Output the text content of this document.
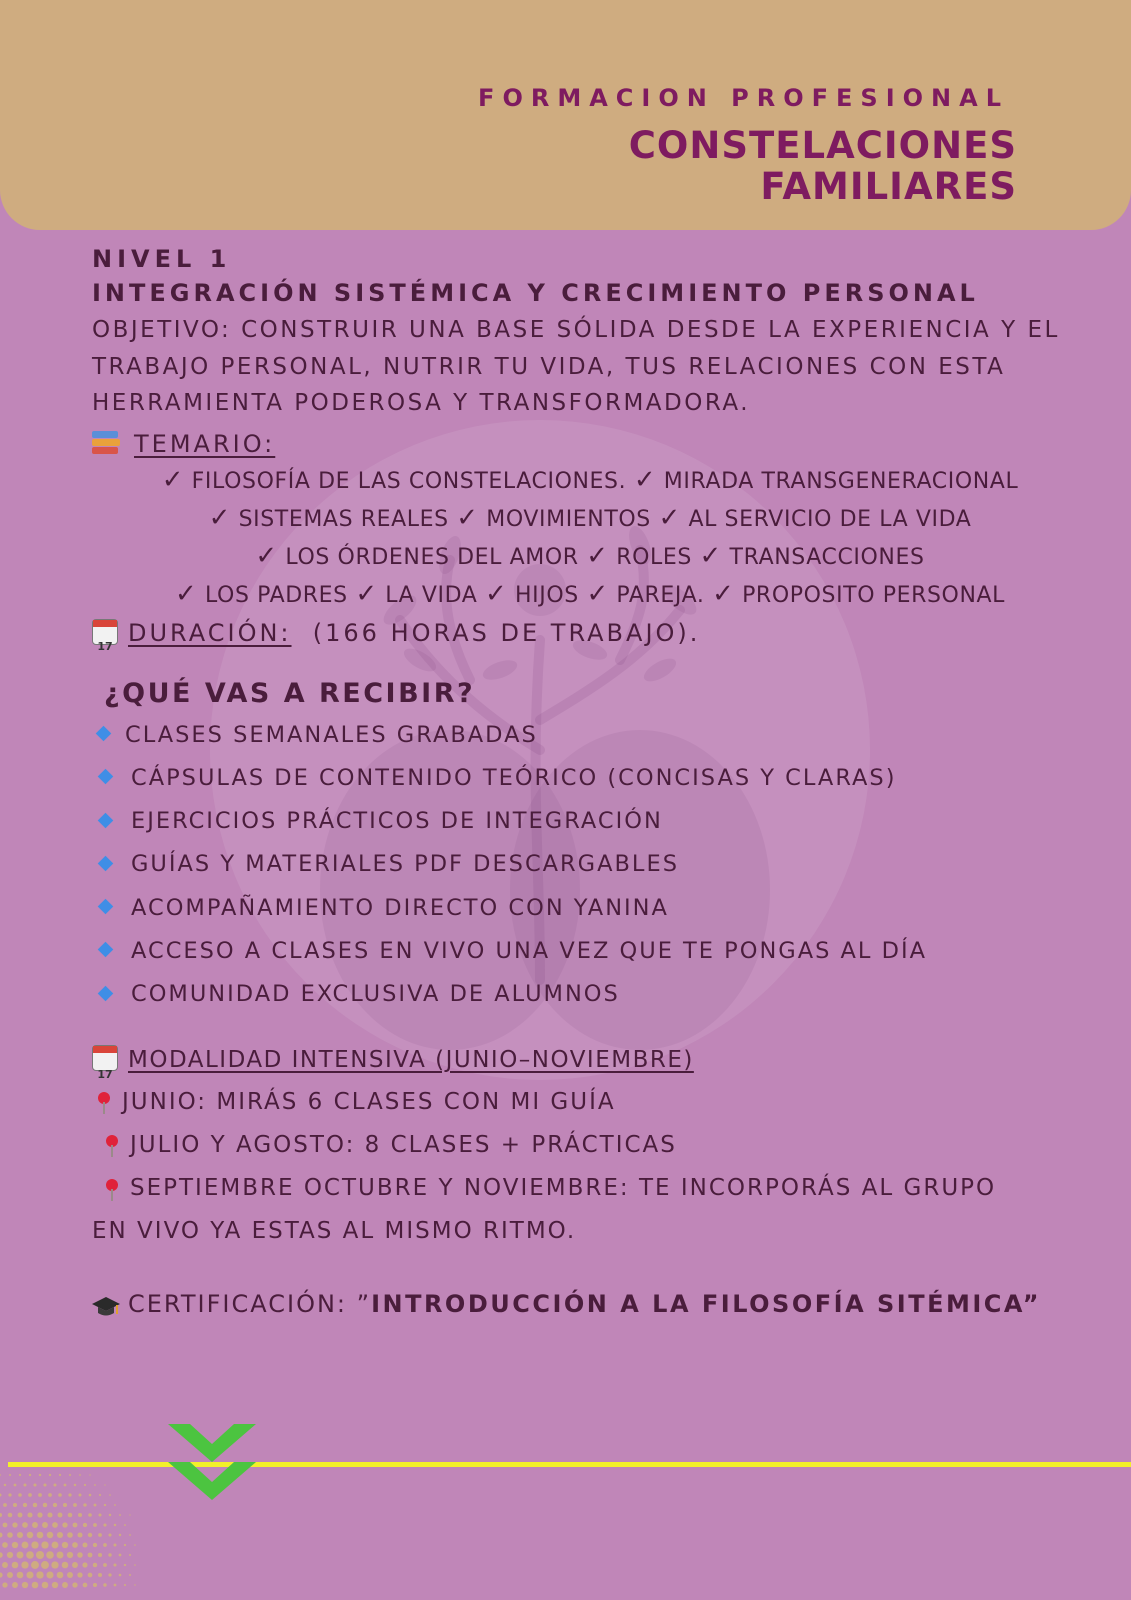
FORMACION PROFESIONAL
CONSTELACIONES
FAMILIARES
NIVEL 1
INTEGRACIÓN SISTÉMICA Y CRECIMIENTO PERSONAL
OBJETIVO: CONSTRUIR UNA BASE SÓLIDA DESDE LA EXPERIENCIA Y EL TRABAJO PERSONAL, NUTRIR TU VIDA, TUS RELACIONES CON ESTA HERRAMIENTA PODEROSA Y TRANSFORMADORA.
TEMARIO:
✓ FILOSOFÍA DE LAS CONSTELACIONES. ✓ MIRADA TRANSGENERACIONAL
✓ SISTEMAS REALES ✓ MOVIMIENTOS ✓ AL SERVICIO DE LA VIDA
✓ LOS ÓRDENES DEL AMOR ✓ ROLES ✓ TRANSACCIONES
✓ LOS PADRES ✓ LA VIDA ✓ HIJOS ✓ PAREJA. ✓ PROPOSITO PERSONAL
17 DURACIÓN: (166 HORAS DE TRABAJO).
¿QUÉ VAS A RECIBIR?
CLASES SEMANALES GRABADAS
CÁPSULAS DE CONTENIDO TEÓRICO (CONCISAS Y CLARAS)
EJERCICIOS PRÁCTICOS DE INTEGRACIÓN
GUÍAS Y MATERIALES PDF DESCARGABLES
ACOMPAÑAMIENTO DIRECTO CON YANINA
ACCESO A CLASES EN VIVO UNA VEZ QUE TE PONGAS AL DÍA
COMUNIDAD EXCLUSIVA DE ALUMNOS
17
MODALIDAD INTENSIVA (JUNIO–NOVIEMBRE)
JUNIO: MIRÁS 6 CLASES CON MI GUÍA
JULIO Y AGOSTO: 8 CLASES + PRÁCTICAS
SEPTIEMBRE OCTUBRE Y NOVIEMBRE: TE INCORPORÁS AL GRUPO
EN VIVO YA ESTAS AL MISMO RITMO.
CERTIFICACIÓN: ”INTRODUCCIÓN A LA FILOSOFÍA SITÉMICA”
